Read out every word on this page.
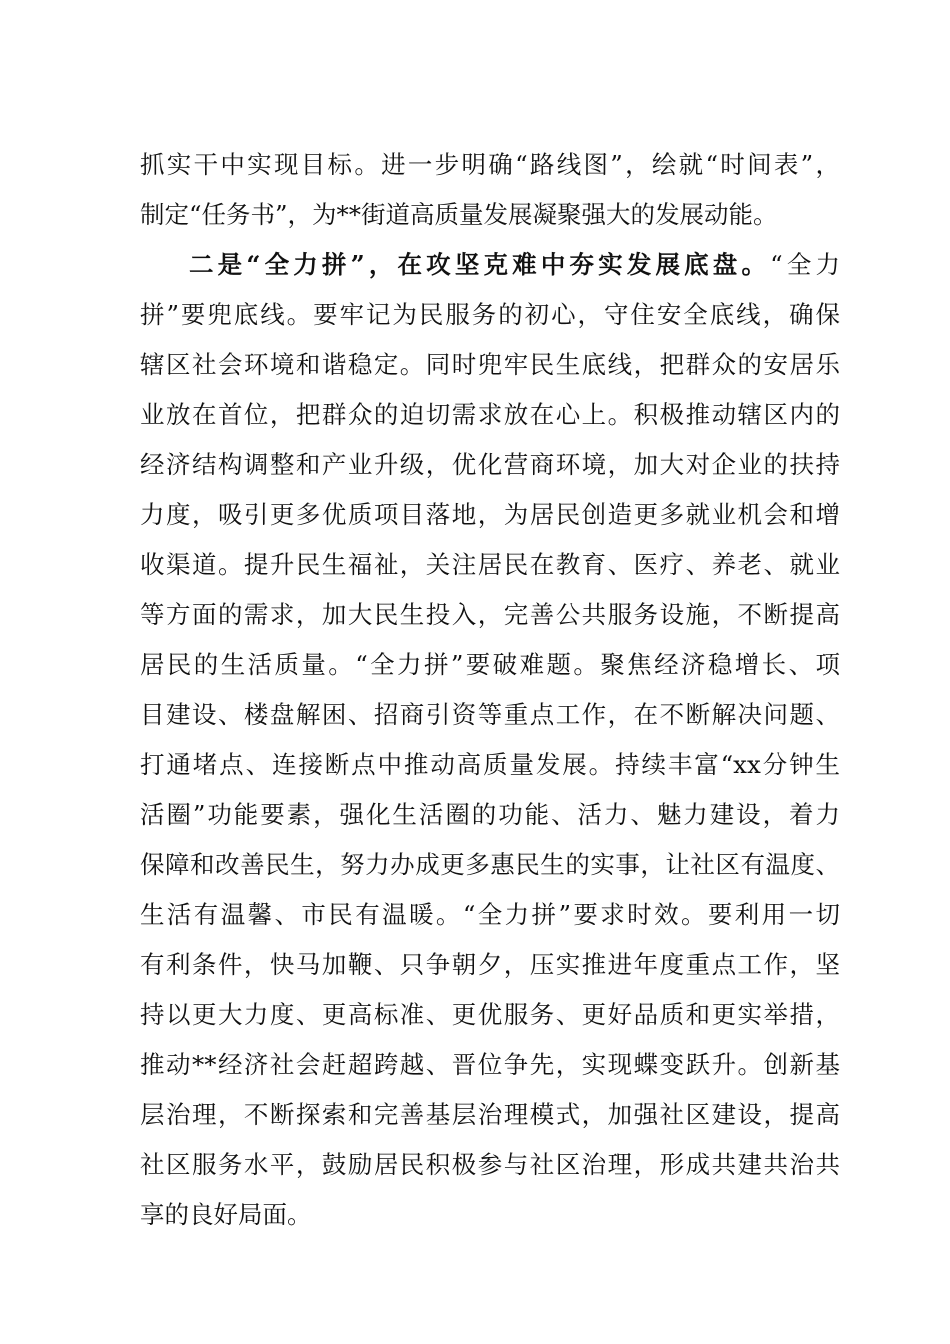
抓实干中实现目标。进一步明确“路线图”，绘就“时间表”，
制定“任务书”，为**街道高质量发展凝聚强大的发展动能。
二是“全力拼”，在攻坚克难中夯实发展底盘。“全力
拼”要兜底线。要牢记为民服务的初心，守住安全底线，确保
辖区社会环境和谐稳定。同时兜牢民生底线，把群众的安居乐
业放在首位，把群众的迫切需求放在心上。积极推动辖区内的
经济结构调整和产业升级，优化营商环境，加大对企业的扶持
力度，吸引更多优质项目落地，为居民创造更多就业机会和增
收渠道。提升民生福祉，关注居民在教育、医疗、养老、就业
等方面的需求，加大民生投入，完善公共服务设施，不断提高
居民的生活质量。“全力拼”要破难题。聚焦经济稳增长、项
目建设、楼盘解困、招商引资等重点工作，在不断解决问题、
打通堵点、连接断点中推动高质量发展。持续丰富“xx分钟生
活圈”功能要素，强化生活圈的功能、活力、魅力建设，着力
保障和改善民生，努力办成更多惠民生的实事，让社区有温度、
生活有温馨、市民有温暖。“全力拼”要求时效。要利用一切
有利条件，快马加鞭、只争朝夕，压实推进年度重点工作，坚
持以更大力度、更高标准、更优服务、更好品质和更实举措，
推动**经济社会赶超跨越、晋位争先，实现蝶变跃升。创新基
层治理，不断探索和完善基层治理模式，加强社区建设，提高
社区服务水平，鼓励居民积极参与社区治理，形成共建共治共
享的良好局面。
